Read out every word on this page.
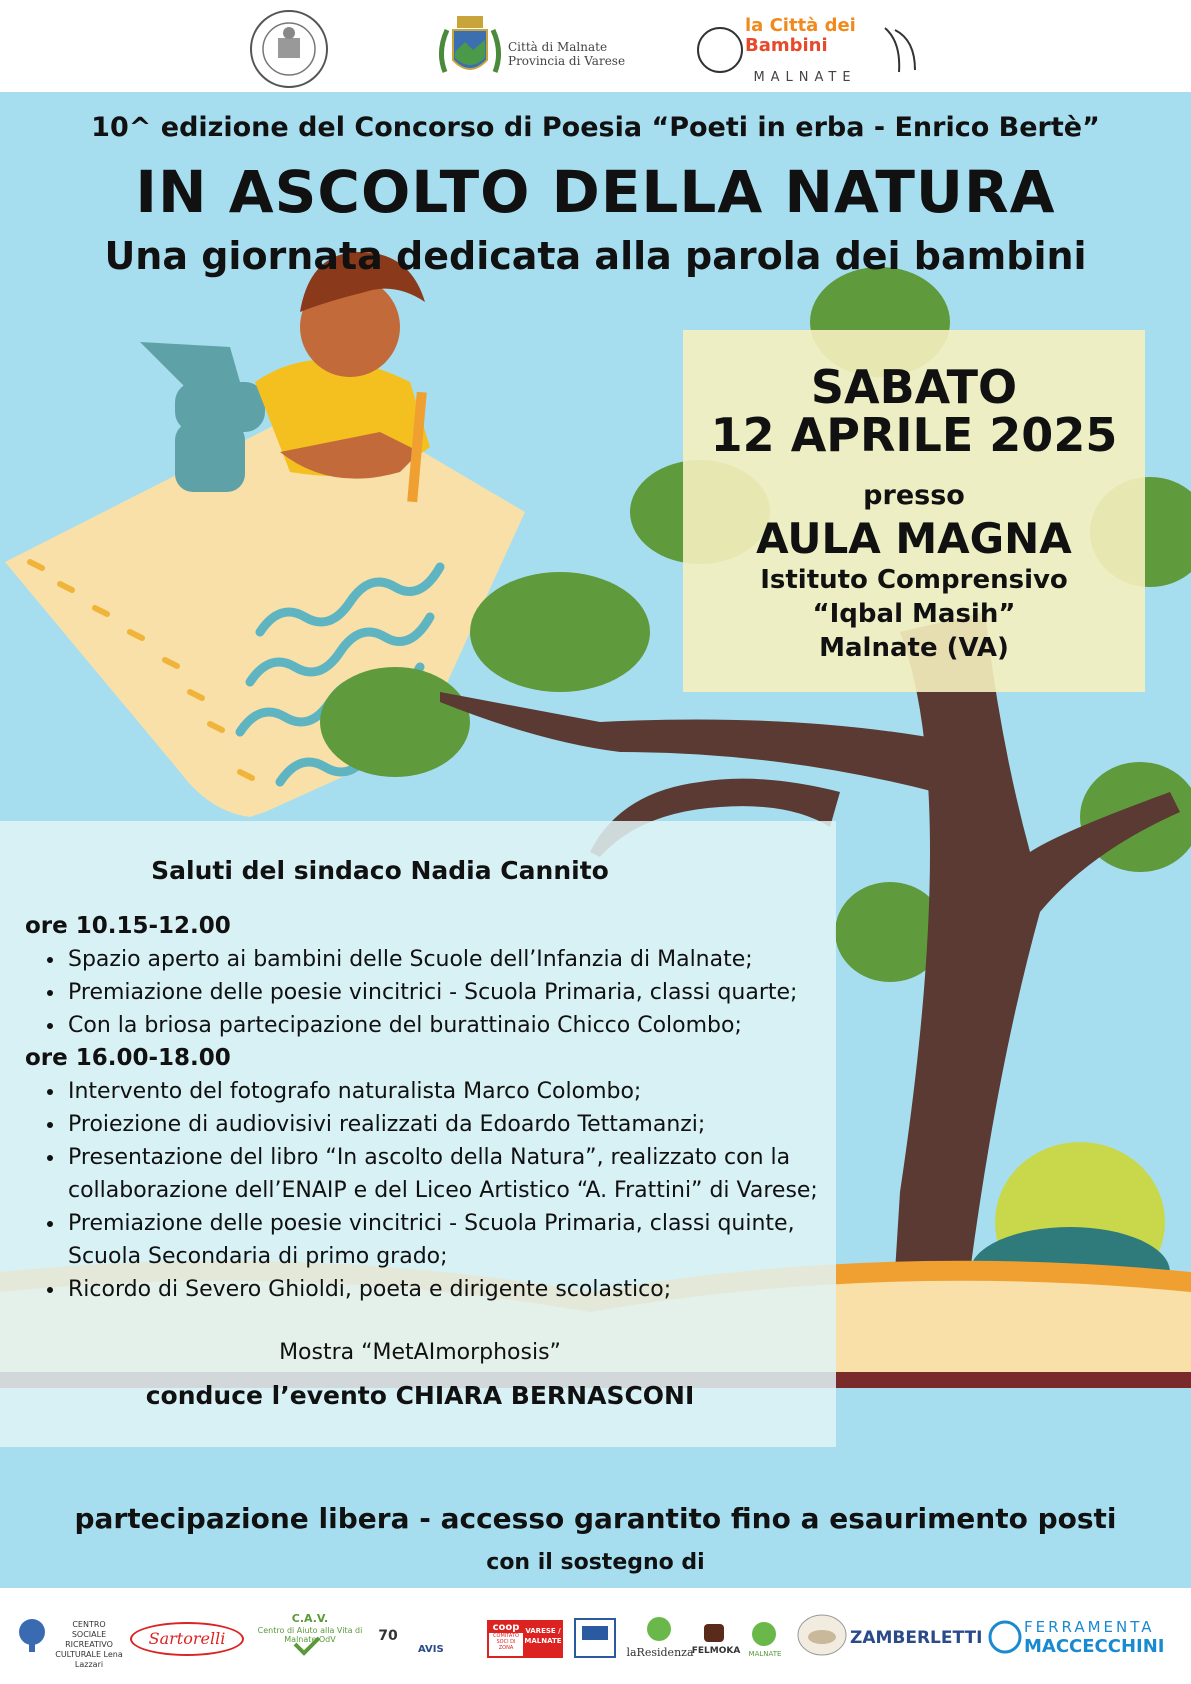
Città di Malnate
Provincia di Varese
la Città dei
Bambini
MALNATE
10^ edizione del Concorso di Poesia “Poeti in erba - Enrico Bertè”
IN ASCOLTO DELLA NATURA
Una giornata dedicata alla parola dei bambini
SABATO
12 APRILE 2025
presso
AULA MAGNA
Istituto Comprensivo
“Iqbal Masih”
Malnate (VA)
Saluti del sindaco Nadia Cannito
ore 10.15-12.00
• Spazio aperto ai bambini delle Scuole dell’Infanzia di Malnate;
• Premiazione delle poesie vincitrici - Scuola Primaria, classi quarte;
• Con la briosa partecipazione del burattinaio Chicco Colombo;
ore 16.00-18.00
• Intervento del fotografo naturalista Marco Colombo;
• Proiezione di audiovisivi realizzati da Edoardo Tettamanzi;
• Presentazione del libro “In ascolto della Natura”, realizzato con la collaborazione dell’ENAIP e del Liceo Artistico “A. Frattini” di Varese;
• Premiazione delle poesie vincitrici - Scuola Primaria, classi quinte, Scuola Secondaria di primo grado;
• Ricordo di Severo Ghioldi, poeta e dirigente scolastico;
Mostra “MetAImorphosis”
conduce l’evento CHIARA BERNASCONI
partecipazione libera - accesso garantito fino a esaurimento posti
con il sostegno di
CENTRO SOCIALE RICREATIVO CULTURALE Lena Lazzari
Sartorelli
C.A.V.
Centro di Aiuto alla Vita di Malnate OdV	70
AVIS
coop
COMITATO SOCI DI ZONA
VARESE / MALNATE
laResidenza
FELMOKA	MALNATE
ZAMBERLETTI
FERRAMENTA
MACCECCHINI
